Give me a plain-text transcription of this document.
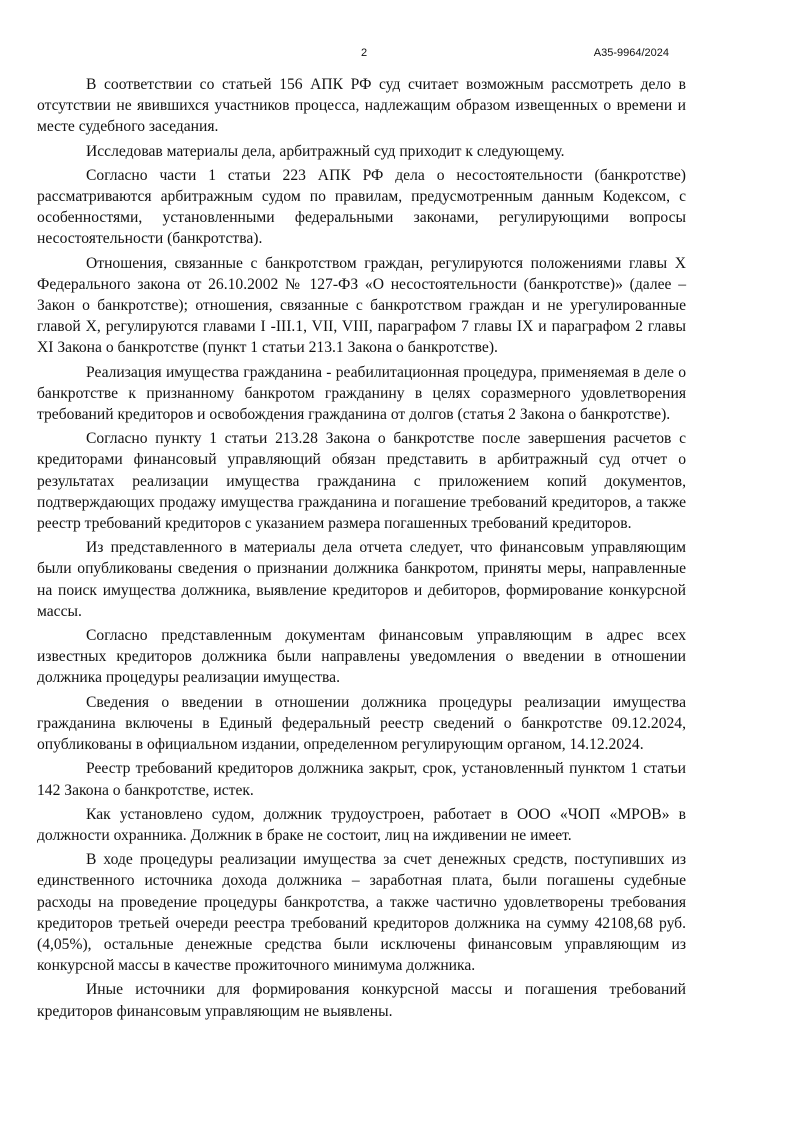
2	А35-9964/2024

В соответствии со статьей 156 АПК РФ суд считает возможным рассмотреть дело в отсутствии не явившихся участников процесса, надлежащим образом извещенных о времени и месте судебного заседания.

Исследовав материалы дела, арбитражный суд приходит к следующему.

Согласно части 1 статьи 223 АПК РФ дела о несостоятельности (банкротстве) рассматриваются арбитражным судом по правилам, предусмотренным данным Кодексом, с особенностями, установленными федеральными законами, регулирующими вопросы несостоятельности (банкротства).

Отношения, связанные с банкротством граждан, регулируются положениями главы X Федерального закона от 26.10.2002 № 127-ФЗ «О несостоятельности (банкротстве)» (далее – Закон о банкротстве); отношения, связанные с банкротством граждан и не урегулированные главой X, регулируются главами I -III.1, VII, VIII, параграфом 7 главы IX и параграфом 2 главы XI Закона о банкротстве (пункт 1 статьи 213.1 Закона о банкротстве).

Реализация имущества гражданина - реабилитационная процедура, применяемая в деле о банкротстве к признанному банкротом гражданину в целях соразмерного удовлетворения требований кредиторов и освобождения гражданина от долгов (статья 2 Закона о банкротстве).

Согласно пункту 1 статьи 213.28 Закона о банкротстве после завершения расчетов с кредиторами финансовый управляющий обязан представить в арбитражный суд отчет о результатах реализации имущества гражданина с приложением копий документов, подтверждающих продажу имущества гражданина и погашение требований кредиторов, а также реестр требований кредиторов с указанием размера погашенных требований кредиторов.

Из представленного в материалы дела отчета следует, что финансовым управляющим были опубликованы сведения о признании должника банкротом, приняты меры, направленные на поиск имущества должника, выявление кредиторов и дебиторов, формирование конкурсной массы.

Согласно представленным документам финансовым управляющим в адрес всех известных кредиторов должника были направлены уведомления о введении в отношении должника процедуры реализации имущества.

Сведения о введении в отношении должника процедуры реализации имущества гражданина включены в Единый федеральный реестр сведений о банкротстве 09.12.2024, опубликованы в официальном издании, определенном регулирующим органом, 14.12.2024.

Реестр требований кредиторов должника закрыт, срок, установленный пунктом 1 статьи 142 Закона о банкротстве, истек.

Как установлено судом, должник трудоустроен, работает в ООО «ЧОП «МРОВ» в должности охранника. Должник в браке не состоит, лиц на иждивении не имеет.

В ходе процедуры реализации имущества за счет денежных средств, поступивших из единственного источника дохода должника – заработная плата, были погашены судебные расходы на проведение процедуры банкротства, а также частично удовлетворены требования кредиторов третьей очереди реестра требований кредиторов должника на сумму 42108,68 руб. (4,05%), остальные денежные средства были исключены финансовым управляющим из конкурсной массы в качестве прожиточного минимума должника.

Иные источники для формирования конкурсной массы и погашения требований кредиторов финансовым управляющим не выявлены.
